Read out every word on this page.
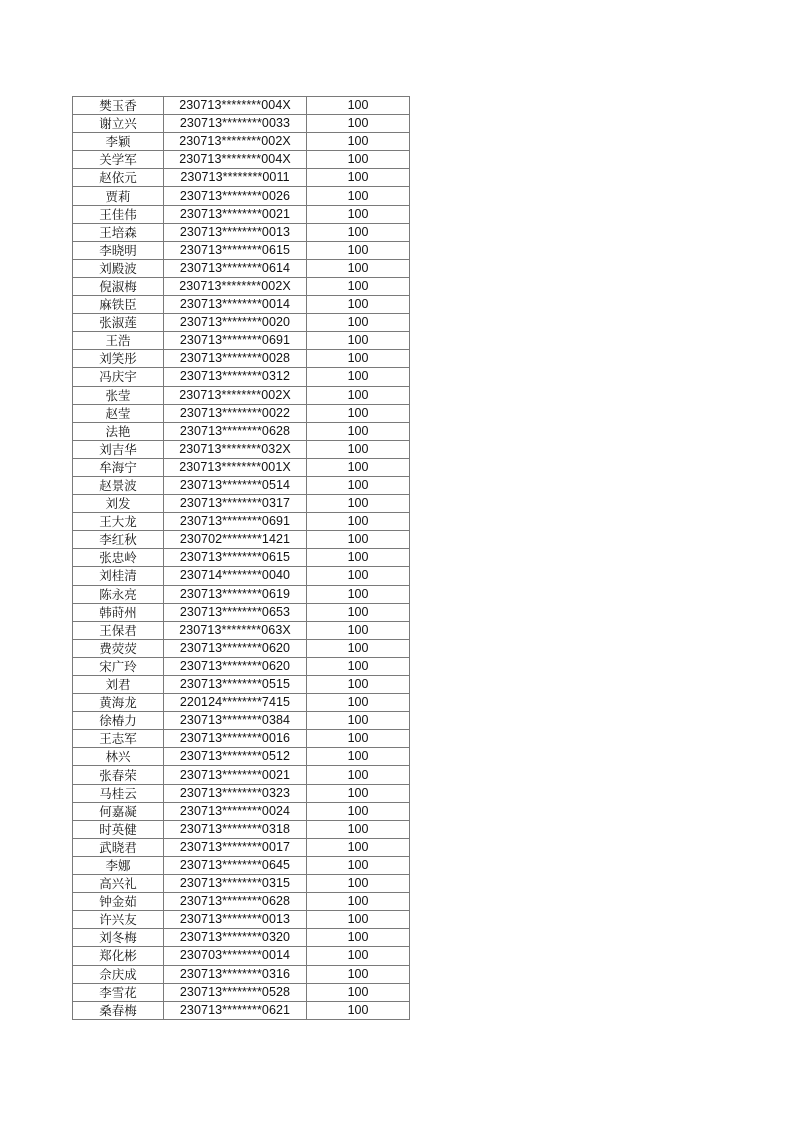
樊玉香	230713********004X	100
谢立兴	230713********0033	100
李颖	230713********002X	100
关学军	230713********004X	100
赵依元	230713********0011	100
贾莉	230713********0026	100
王佳伟	230713********0021	100
王培森	230713********0013	100
李晓明	230713********0615	100
刘殿波	230713********0614	100
倪淑梅	230713********002X	100
麻铁臣	230713********0014	100
张淑莲	230713********0020	100
王浩	230713********0691	100
刘笑彤	230713********0028	100
冯庆宇	230713********0312	100
张莹	230713********002X	100
赵莹	230713********0022	100
法艳	230713********0628	100
刘吉华	230713********032X	100
牟海宁	230713********001X	100
赵景波	230713********0514	100
刘发	230713********0317	100
王大龙	230713********0691	100
李红秋	230702********1421	100
张忠岭	230713********0615	100
刘桂清	230714********0040	100
陈永亮	230713********0619	100
韩莳州	230713********0653	100
王保君	230713********063X	100
费荧荧	230713********0620	100
宋广玲	230713********0620	100
刘君	230713********0515	100
黄海龙	220124********7415	100
徐椿力	230713********0384	100
王志军	230713********0016	100
林兴	230713********0512	100
张春荣	230713********0021	100
马桂云	230713********0323	100
何嘉凝	230713********0024	100
时英健	230713********0318	100
武晓君	230713********0017	100
李娜	230713********0645	100
高兴礼	230713********0315	100
钟金茹	230713********0628	100
许兴友	230713********0013	100
刘冬梅	230713********0320	100
郑化彬	230703********0014	100
佘庆成	230713********0316	100
李雪花	230713********0528	100
桑春梅	230713********0621	100
